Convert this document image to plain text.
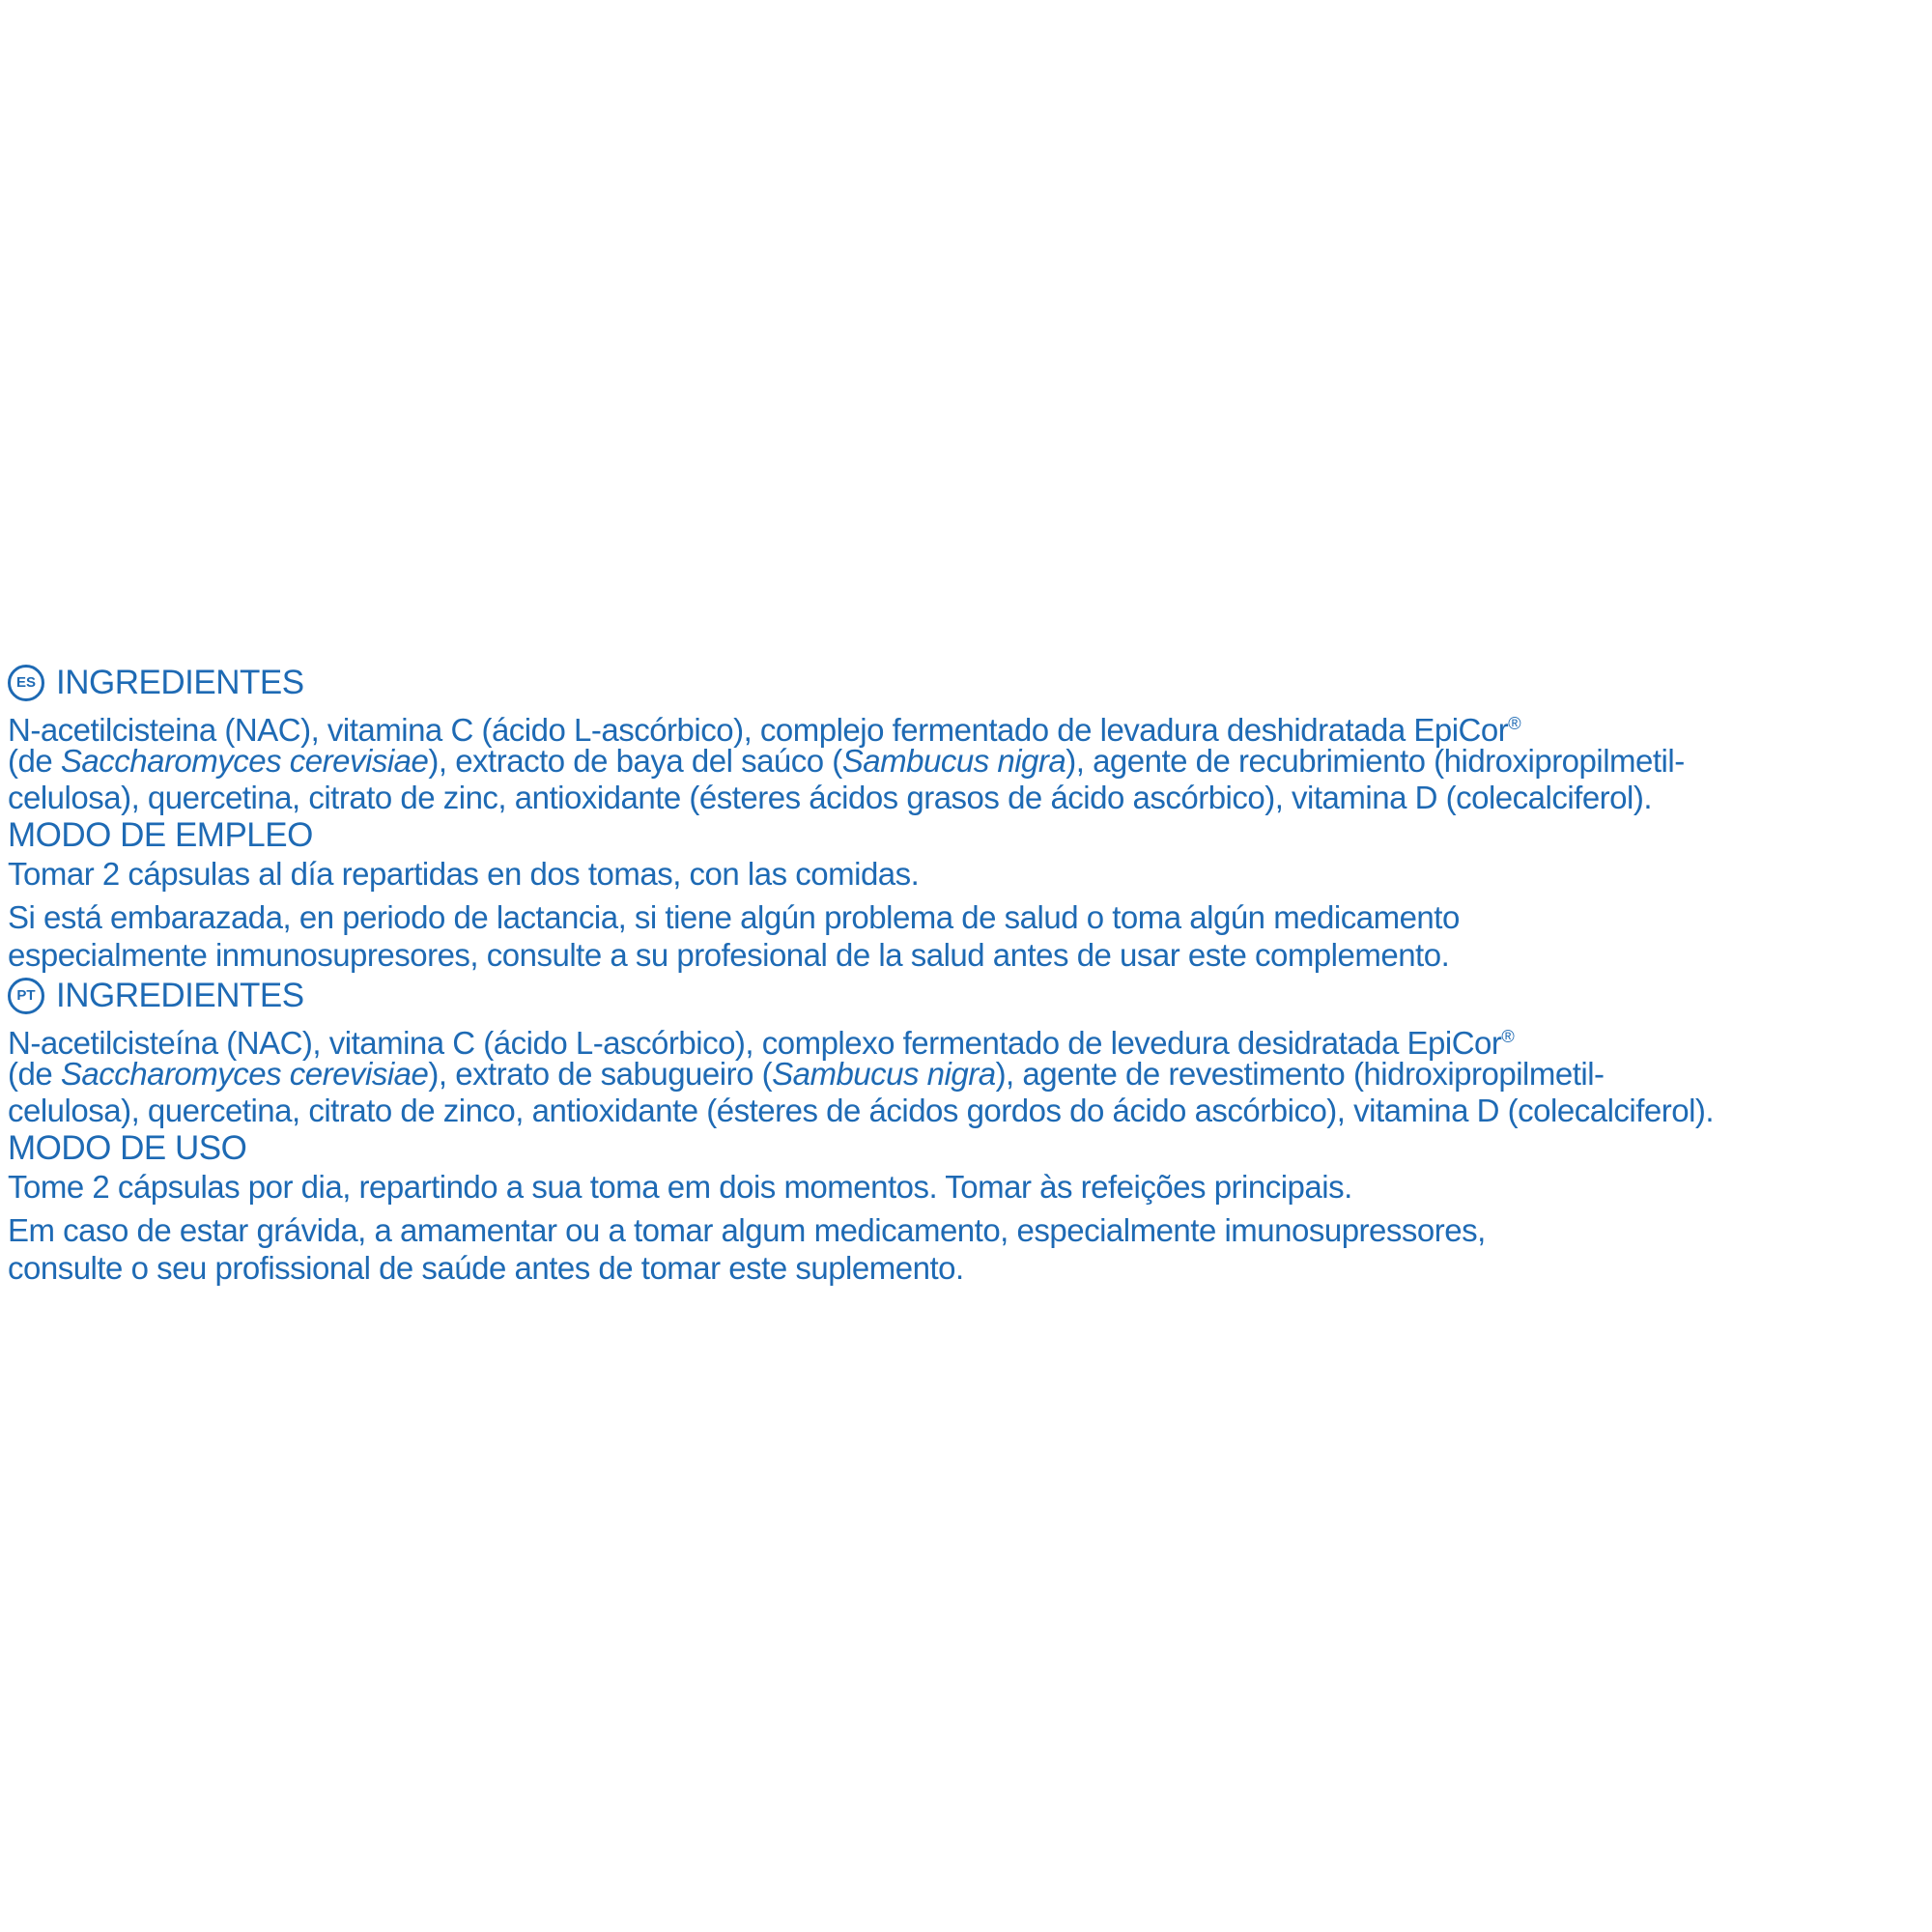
ES INGREDIENTES
N-acetilcisteina (NAC), vitamina C (ácido L-ascórbico), complejo fermentado de levadura deshidratada EpiCor®
(de Saccharomyces cerevisiae), extracto de baya del saúco (Sambucus nigra), agente de recubrimiento (hidroxipropilmetil-
celulosa), quercetina, citrato de zinc, antioxidante (ésteres ácidos grasos de ácido ascórbico), vitamina D (colecalciferol).
MODO DE EMPLEO
Tomar 2 cápsulas al día repartidas en dos tomas, con las comidas.
Si está embarazada, en periodo de lactancia, si tiene algún problema de salud o toma algún medicamento
especialmente inmunosupresores, consulte a su profesional de la salud antes de usar este complemento.
PT INGREDIENTES
N-acetilcisteína (NAC), vitamina C (ácido L-ascórbico), complexo fermentado de levedura desidratada EpiCor®
(de Saccharomyces cerevisiae), extrato de sabugueiro (Sambucus nigra), agente de revestimento (hidroxipropilmetil-
celulosa), quercetina, citrato de zinco, antioxidante (ésteres de ácidos gordos do ácido ascórbico), vitamina D (colecalciferol).
MODO DE USO
Tome 2 cápsulas por dia, repartindo a sua toma em dois momentos. Tomar às refeições principais.
Em caso de estar grávida, a amamentar ou a tomar algum medicamento, especialmente imunosupressores,
consulte o seu profissional de saúde antes de tomar este suplemento.
